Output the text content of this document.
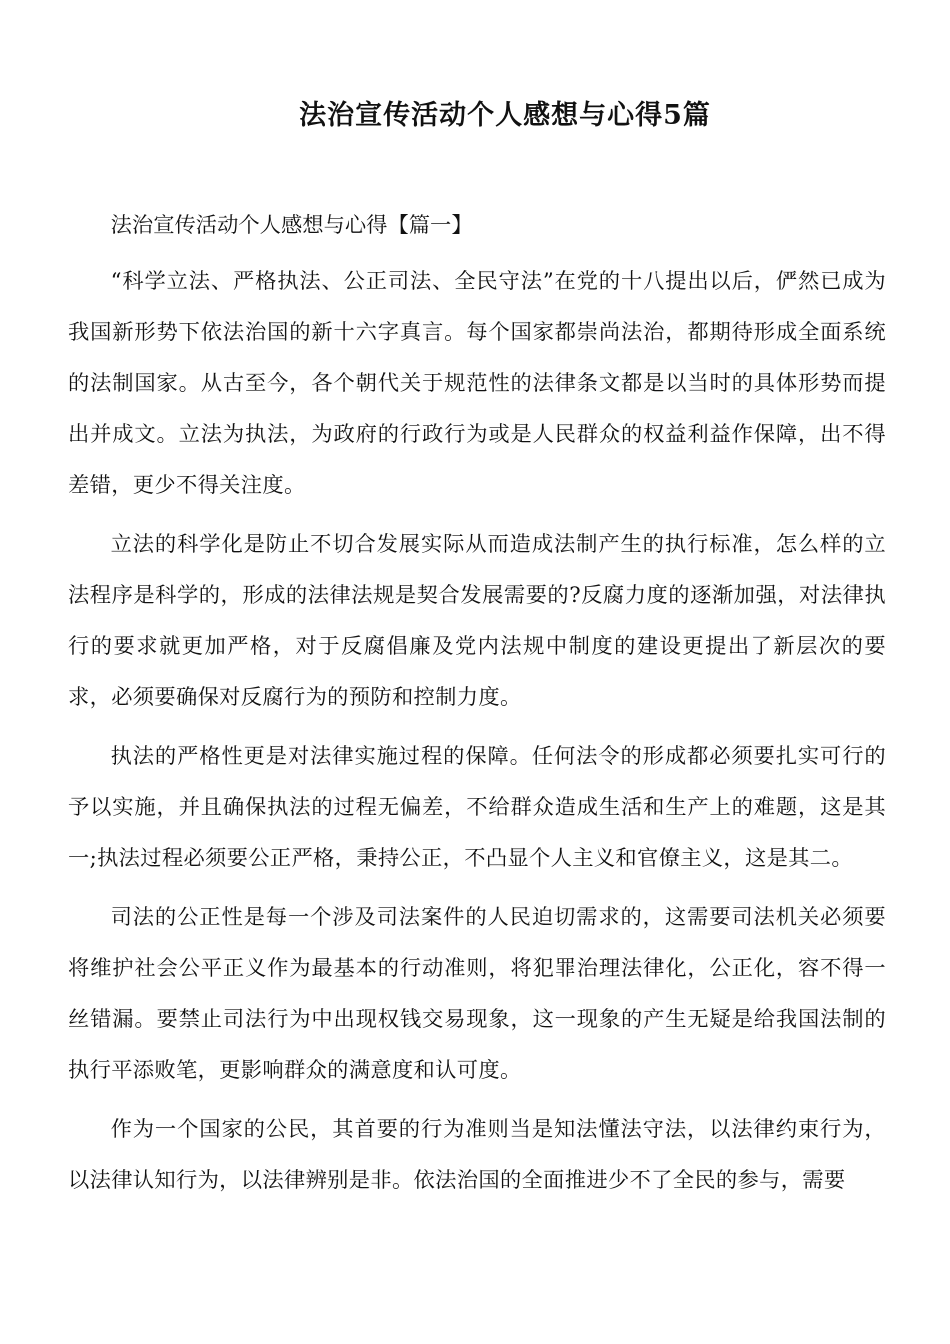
法治宣传活动个人感想与心得5篇

法治宣传活动个人感想与心得【篇一】

“科学立法、严格执法、公正司法、全民守法”在党的十八提出以后，俨然已成为我国新形势下依法治国的新十六字真言。每个国家都崇尚法治，都期待形成全面系统的法制国家。从古至今，各个朝代关于规范性的法律条文都是以当时的具体形势而提出并成文。立法为执法，为政府的行政行为或是人民群众的权益利益作保障，出不得差错，更少不得关注度。

立法的科学化是防止不切合发展实际从而造成法制产生的执行标准，怎么样的立法程序是科学的，形成的法律法规是契合发展需要的?反腐力度的逐渐加强，对法律执行的要求就更加严格，对于反腐倡廉及党内法规中制度的建设更提出了新层次的要求，必须要确保对反腐行为的预防和控制力度。

执法的严格性更是对法律实施过程的保障。任何法令的形成都必须要扎实可行的予以实施，并且确保执法的过程无偏差，不给群众造成生活和生产上的难题，这是其一;执法过程必须要公正严格，秉持公正，不凸显个人主义和官僚主义，这是其二。

司法的公正性是每一个涉及司法案件的人民迫切需求的，这需要司法机关必须要将维护社会公平正义作为最基本的行动准则，将犯罪治理法律化，公正化，容不得一丝错漏。要禁止司法行为中出现权钱交易现象，这一现象的产生无疑是给我国法制的执行平添败笔，更影响群众的满意度和认可度。

作为一个国家的公民，其首要的行为准则当是知法懂法守法，以法律约束行为，以法律认知行为，以法律辨别是非。依法治国的全面推进少不了全民的参与，需要
